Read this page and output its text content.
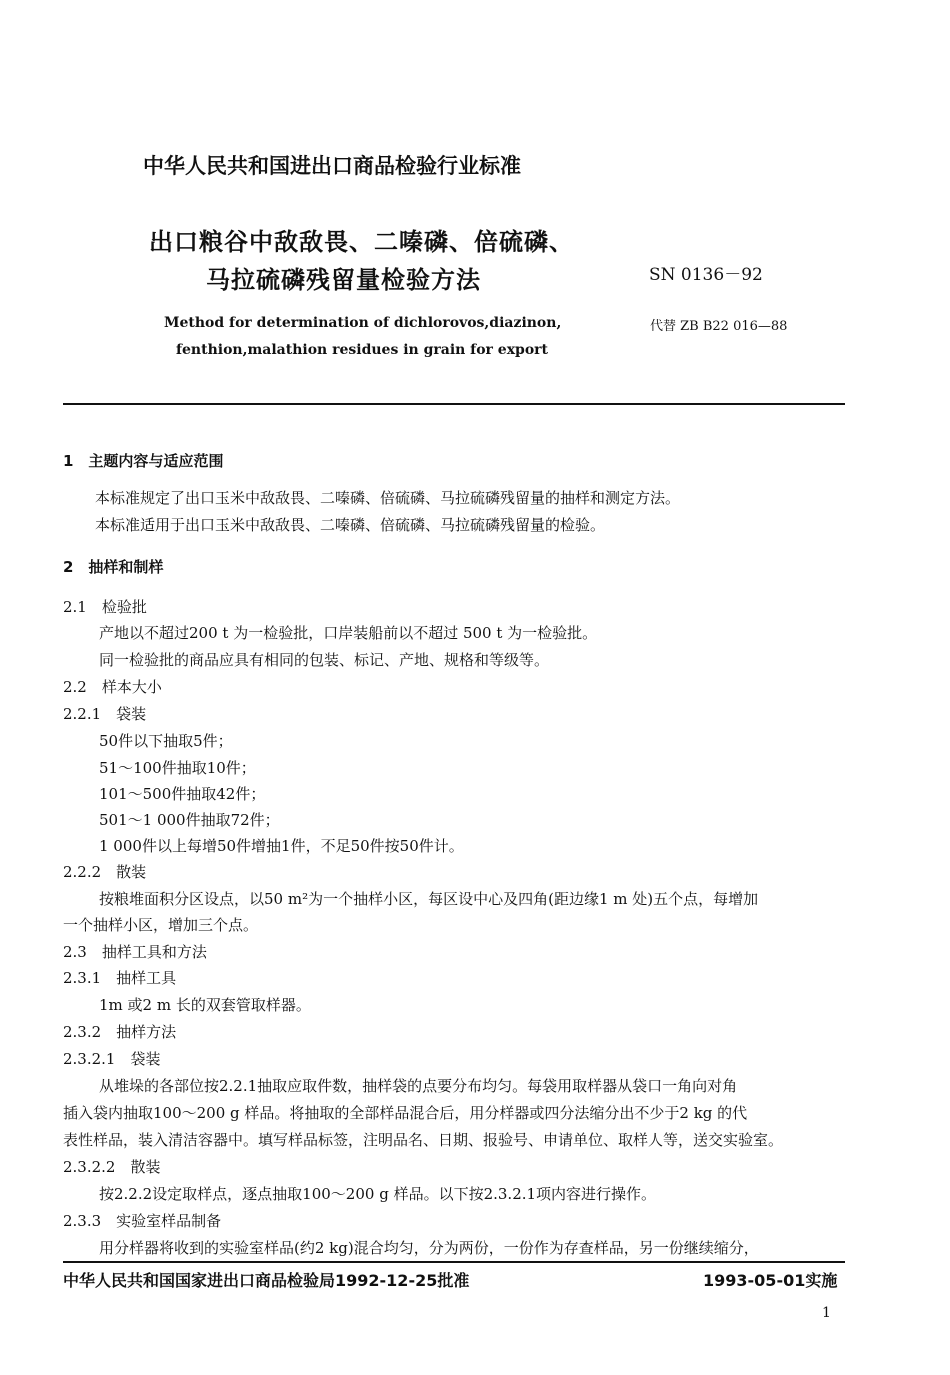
中华人民共和国进出口商品检验行业标准
出口粮谷中敌敌畏、二嗪磷、倍硫磷、
马拉硫磷残留量检验方法	SN 0136－92
Method for determination of dichlorovos,diazinon,
fenthion,malathion residues in grain for export
代替 ZB B22 016—88
1　主题内容与适应范围
本标准规定了出口玉米中敌敌畏、二嗪磷、倍硫磷、马拉硫磷残留量的抽样和测定方法。
本标准适用于出口玉米中敌敌畏、二嗪磷、倍硫磷、马拉硫磷残留量的检验。
2　抽样和制样
2.1　检验批
产地以不超过200 t 为一检验批，口岸装船前以不超过 500 t 为一检验批。
同一检验批的商品应具有相同的包装、标记、产地、规格和等级等。
2.2　样本大小
2.2.1　袋装
50件以下抽取5件；
51～100件抽取10件；
101～500件抽取42件；
501～1 000件抽取72件；
1 000件以上每增50件增抽1件，不足50件按50件计。
2.2.2　散装
按粮堆面积分区设点，以50 m²为一个抽样小区，每区设中心及四角(距边缘1 m 处)五个点，每增加
一个抽样小区，增加三个点。
2.3　抽样工具和方法
2.3.1　抽样工具
1m 或2 m 长的双套管取样器。
2.3.2　抽样方法
2.3.2.1　袋装
从堆垛的各部位按2.2.1抽取应取件数，抽样袋的点要分布均匀。每袋用取样器从袋口一角向对角
插入袋内抽取100～200 g 样品。将抽取的全部样品混合后，用分样器或四分法缩分出不少于2 kg 的代
表性样品，装入清洁容器中。填写样品标签，注明品名、日期、报验号、申请单位、取样人等，送交实验室。
2.3.2.2　散装
按2.2.2设定取样点，逐点抽取100～200 g 样品。以下按2.3.2.1项内容进行操作。
2.3.3　实验室样品制备
用分样器将收到的实验室样品(约2 kg)混合均匀，分为两份，一份作为存查样品，另一份继续缩分，
中华人民共和国国家进出口商品检验局1992-12-25批准	1993-05-01实施
1
